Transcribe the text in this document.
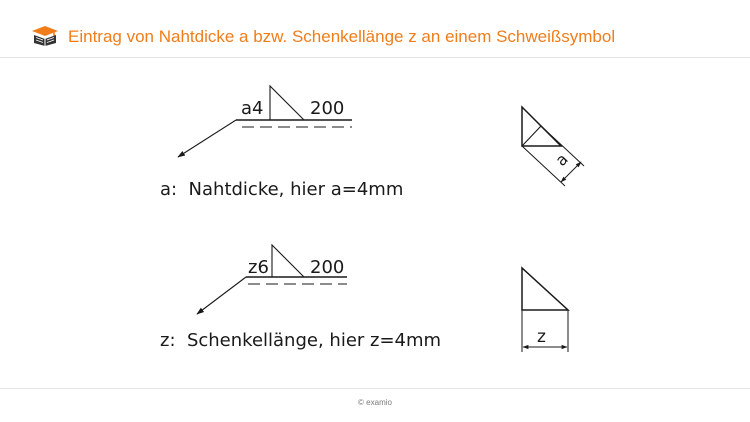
Eintrag von Nahtdicke a bzw. Schenkellänge z an einem Schweißsymbol
a4	200
a:  Nahtdicke, hier a=4mm
z6 200
z:  Schenkellänge, hier z=4mm
a
z
© examio
